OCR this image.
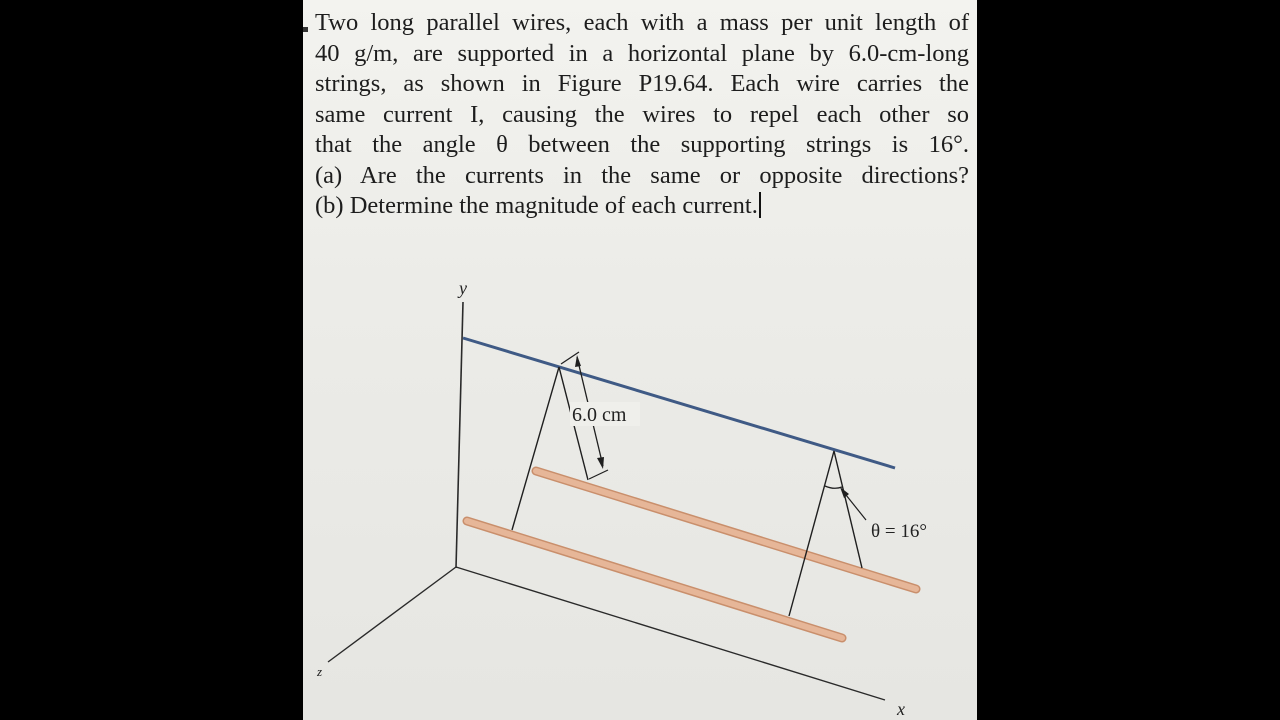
Two long parallel wires, each with a mass per unit length of
40 g/m, are supported in a horizontal plane by 6.0-cm-long
strings, as shown in Figure P19.64. Each wire carries the
same current I, causing the wires to repel each other so
that the angle θ between the supporting strings is 16°.
(a) Are the currents in the same or opposite directions?
(b) Determine the magnitude of each current.
y
x
z
6.0 cm
θ = 16°
